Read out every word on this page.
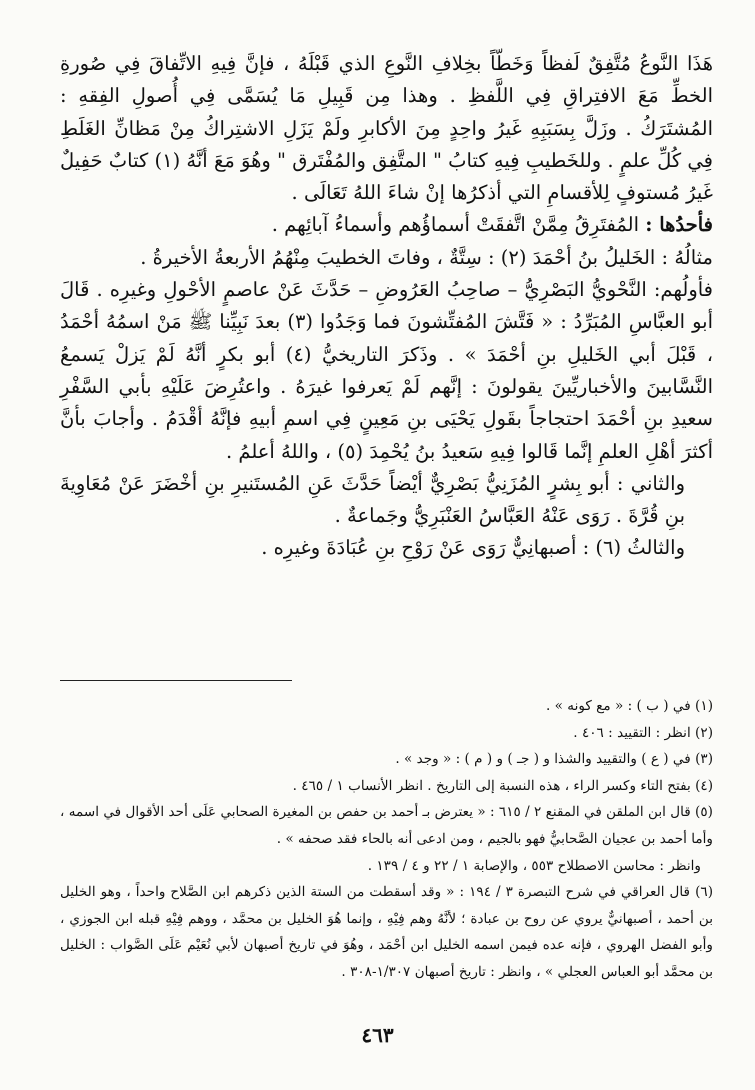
هَذَا النَّوعُ مُتَّفِقٌ لَفظاً وَخَطّاً بخِلافِ النَّوعِ الذي قَبْلَهُ ، فإنَّ فِيهِ الاتِّفاقَ فِي صُورةِ الخطِّ مَعَ الافتِراقِ فِي اللَّفظِ . وهذا مِن قَبِيلِ مَا يُسَمَّى فِي أُصولِ الفِقهِ : المُشتَرَكُ . وزَلَّ بِسَبَبِهِ غَيرُ واحِدٍ مِنَ الأكابرِ ولَمْ يَزَلِ الاشتِراكُ مِنْ مَظانِّ الغَلَطِ فِي كُلِّ علمٍ . وللخَطيبِ فِيهِ كتابُ " المتَّفِق والمُفْتَرق " وهُوَ مَعَ أنَّهُ (١) كتابٌ حَفِيلٌ غَيرُ مُستوفٍ لِلأقسامِ التي أذكرُها إنْ شاءَ اللهُ تَعَالَى .

فأحدُها : المُفتَرِقُ مِمَّنْ اتَّفقَتْ أسماؤُهم وأسماءُ آبائِهم .

مثالُهُ : الخَليلُ بنُ أحْمَدَ (٢) : سِتَّةٌ ، وفاتَ الخطيبَ مِنْهُمُ الأربعةُ الأخيرةُ .

فأولُهم: النَّحْويُّ البَصْرِيُّ – صاحِبُ العَرُوضِ – حَدَّثَ عَنْ عاصمٍ الأحْولِ وغيرِه . قَالَ أبو العبَّاسِ المُبَرِّدُ : « فَتَّشَ المُفتِّشونَ فما وَجَدُوا (٣) بعدَ نَبِيِّنا ﷺ مَنْ اسمُهُ أحْمَدُ ، قَبْلَ أبي الخَليلِ بنِ أحْمَدَ » . وذَكرَ التاريخيُّ (٤) أبو بكرٍ أنَّهُ لَمْ يَزلْ يَسمعُ النَّسَّابينَ والأخباريِّينَ يقولونَ : إنَّهم لَمْ يَعرفوا غيرَهُ . واعتُرِضَ عَلَيْهِ بأبي السَّفْرِ سعيدِ بنِ أحْمَدَ احتجاجاً بقَولِ يَحْيَى بنِ مَعِينٍ فِي اسمِ أبيهِ فإنَّهُ أقْدَمُ . وأجابَ بأنَّ أكثرَ أهْلِ العلمِ إنَّما قَالوا فِيهِ سَعيدُ بنُ يُحْمِدَ (٥) ، واللهُ أعلمُ .

والثاني : أبو بِشرٍ المُزَنِيُّ بَصْرِيٌّ أيْضاً حَدَّثَ عَنِ المُستَنيرِ بنِ أخْضَرَ عَنْ مُعَاوِيةَ بنِ قُرَّةَ . رَوَى عَنْهُ العَبَّاسُ العَنْبَرِيُّ وجَماعةٌ .

والثالثُ (٦) : أصبهانِيٌّ رَوَى عَنْ رَوْحِ بنِ عُبَادَةَ وغيرِه .

(١) في ( ب ) : « مع كونه » .

(٢) انظر : التقييد : ٤٠٦ .

(٣) في ( ع ) والتقييد والشذا و ( جـ ) و ( م ) : « وجد » .

(٤) بفتح التاء وكسر الراء ، هذه النسبة إلى التاريخ . انظر الأنساب ١ / ٤٦٥ .

(٥) قال ابن الملقن في المقنع ٢ / ٦١٥ : « يعترض بـ أحمد بن حفص بن المغيرة الصحابي عَلَى أحد الأقوال في اسمه ، وأما أحمد بن عجيان الصَّحابيُّ فهو بالجيم ، ومن ادعى أنه بالحاء فقد صحفه » .

وانظر : محاسن الاصطلاح ٥٥٣ ، والإصابة ١ / ٢٢ و ٤ / ١٣٩ .

(٦) قال العراقي في شرح التبصرة ٣ / ١٩٤ : « وقد أسقطت من الستة الذين ذكرهم ابن الصَّلاح واحداً ، وهو الخليل بن أحمد ، أصبهانيٌّ يروي عن روح بن عبادة ؛ لأنَّهُ وهم فِيْهِ ، وإنما هُوَ الخليل بن محمَّد ، ووهم فِيْهِ قبله ابن الجوزي ، وأبو الفضل الهروي ، فإنه عده فيمن اسمه الخليل ابن أحْمَد ، وهُوَ في تاريخ أصبهان لأبي نُعَيْم عَلَى الصَّواب : الخليل بن محمَّد أبو العباس العجلي » ، وانظر : تاريخ أصبهان ١/٣٠٧-٣٠٨ .

٤٦٣
